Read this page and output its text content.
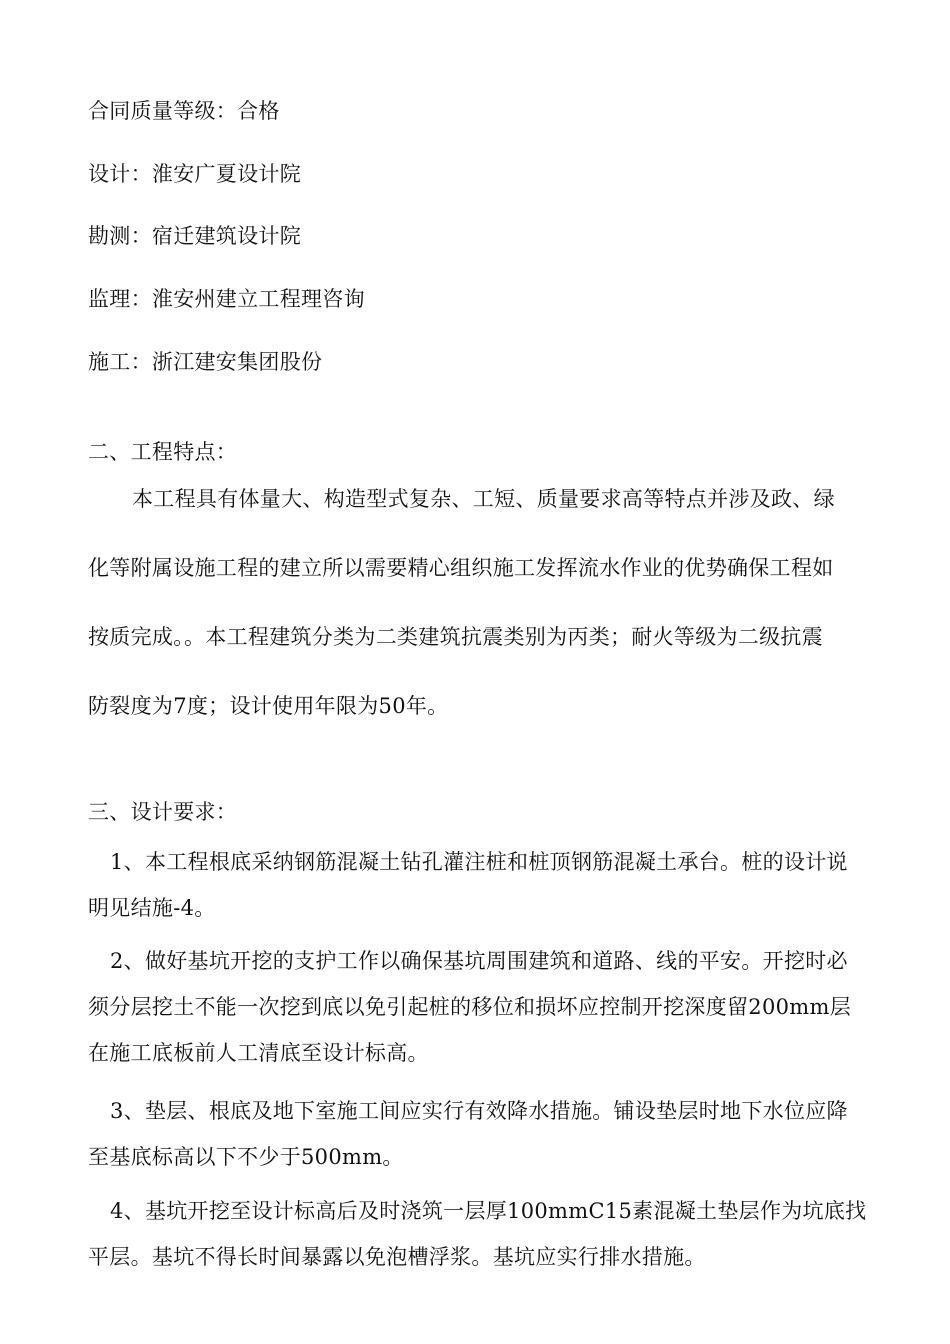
合同质量等级：合格
设计：淮安广夏设计院
勘测：宿迁建筑设计院
监理：淮安州建立工程理咨询
施工：浙江建安集团股份
二、工程特点：
本工程具有体量大、构造型式复杂、工短、质量要求高等特点并涉及政、绿
化等附属设施工程的建立所以需要精心组织施工发挥流水作业的优势确保工程如
按质完成。。本工程建筑分类为二类建筑抗震类别为丙类；耐火等级为二级抗震
防裂度为7度；设计使用年限为50年。
三、设计要求：
1、本工程根底采纳钢筋混凝土钻孔灌注桩和桩顶钢筋混凝土承台。桩的设计说
明见结施-4。
2、做好基坑开挖的支护工作以确保基坑周围建筑和道路、线的平安。开挖时必
须分层挖土不能一次挖到底以免引起桩的移位和损坏应控制开挖深度留200mm层
在施工底板前人工清底至设计标高。
3、垫层、根底及地下室施工间应实行有效降水措施。铺设垫层时地下水位应降
至基底标高以下不少于500mm。
4、基坑开挖至设计标高后及时浇筑一层厚100mmC15素混凝土垫层作为坑底找
平层。基坑不得长时间暴露以免泡槽浮浆。基坑应实行排水措施。
